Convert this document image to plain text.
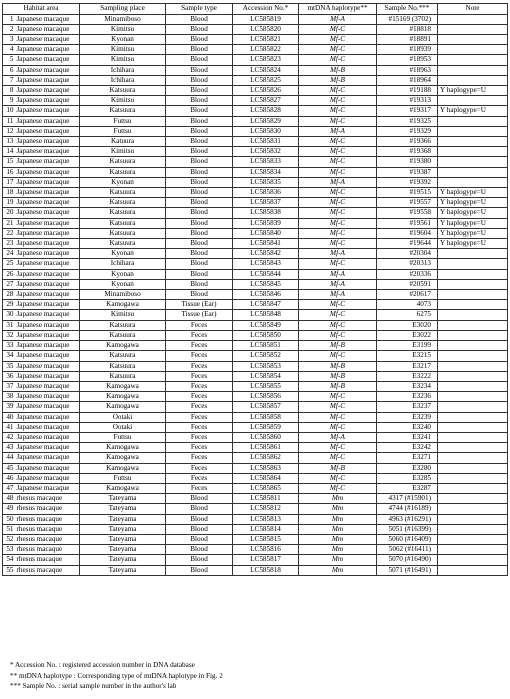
Habitat area		Sampling place	Sample type	Accession No.*	mtDNA haplotype**	Sample No.***	Note
1	Japanese macaque	Minamiboso	Blood	LC585819	Mf-A	#15169 (3702)	
2	Japanese macaque	Kimitsu	Blood	LC585820	Mf-C	#18818	
3	Japanese macaque	Kyonan	Blood	LC585821	Mf-C	#18891	
4	Japanese macaque	Kimitsu	Blood	LC585822	Mf-C	#18939	
5	Japanese macaque	Kimitsu	Blood	LC585823	Mf-C	#18953	
6	Japanese macaque	Ichihara	Blood	LC585824	Mf-B	#18963	
7	Japanese macaque	Ichihara	Blood	LC585825	Mf-B	#18964	
8	Japanese macaque	Katsuura	Blood	LC585826	Mf-C	#19188	Y haplogype=U
9	Japanese macaque	Kimitsu	Blood	LC585827	Mf-C	#19313	
10	Japanese macaque	Katsuura	Blood	LC585828	Mf-C	#19317	Y haplogype=U
11	Japanese macaque	Futtsu	Blood	LC585829	Mf-C	#19325	
12	Japanese macaque	Futtsu	Blood	LC585830	Mf-A	#19329	
13	Japanese macaque	Katuura	Blood	LC585831	Mf-C	#19366	
14	Japanese macaque	Kimitsu	Blood	LC585832	Mf-C	#19368	
15	Japanese macaque	Katsuura	Blood	LC585833	Mf-C	#19380	
16	Japanese macaque	Katsuura	Blood	LC585834	Mf-C	#19387	
17	Japanese macaque	Kyonan	Blood	LC585835	Mf-A	#19392	
18	Japanese macaque	Katsuura	Blood	LC585836	Mf-C	#19515	Y haplogype=U
19	Japanese macaque	Katsuura	Blood	LC585837	Mf-C	#19557	Y haplogype=U
20	Japanese macaque	Katsuura	Blood	LC585838	Mf-C	#19558	Y haplogype=U
21	Japanese macaque	Katsuura	Blood	LC585839	Mf-C	#19561	Y haplogype=U
22	Japanese macaque	Katsuura	Blood	LC585840	Mf-C	#19604	Y haplogype=U
23	Japanese macaque	Katsuura	Blood	LC585841	Mf-C	#19644	Y haplogype=U
24	Japanese macaque	Kyonan	Blood	LC585842	Mf-A	#20304	
25	Japanese macaque	Ichihara	Blood	LC585843	Mf-C	#20313	
26	Japanese macaque	Kyonan	Blood	LC585844	Mf-A	#20336	
27	Japanese macaque	Kyonan	Blood	LC585845	Mf-A	#20591	
28	Japanese macaque	Minamiboso	Blood	LC585846	Mf-A	#20617	
29	Japanese macaque	Kamogawa	Tissue (Ear)	LC585847	Mf-C	4073	
30	Japanese macaque	Kimitsu	Tissue (Ear)	LC585848	Mf-C	6275	
31	Japanese macaque	Katsuura	Feces	LC585849	Mf-C	E3020	
32	Japanese macaque	Katsuura	Feces	LC585850	Mf-C	E3022	
33	Japanese macaque	Kamogawa	Feces	LC585851	Mf-B	E3199	
34	Japanese macaque	Katsuura	Feces	LC585852	Mf-C	E3215	
35	Japanese macaque	Katsuura	Feces	LC585853	Mf-B	E3217	
36	Japanese macaque	Katsuura	Feces	LC585854	Mf-B	E3222	
37	Japanese macaque	Kamogawa	Feces	LC585855	Mf-B	E3234	
38	Japanese macaque	Kamogawa	Feces	LC585856	Mf-C	E3236	
39	Japanese macaque	Kamogawa	Feces	LC585857	Mf-C	E3237	
40	Japanese macaque	Ootaki	Feces	LC585858	Mf-C	E3239	
41	Japanese macaque	Ootaki	Feces	LC585859	Mf-C	E3240	
42	Japanese macaque	Futtsu	Feces	LC585860	Mf-A	E3241	
43	Japanese macaque	Kamogawa	Feces	LC585861	Mf-C	E3242	
44	Japanese macaque	Kamogawa	Feces	LC585862	Mf-C	E3271	
45	Japanese macaque	Kamogawa	Feces	LC585863	Mf-B	E3280	
46	Japanese macaque	Futtsu	Feces	LC585864	Mf-C	E3285	
47	Japanese macaque	Kamogawa	Feces	LC585865	Mf-C	E3287	
48	rhesus macaque	Tateyama	Blood	LC585811	Mm	4317 (#15901)	
49	rhesus macaque	Tateyama	Blood	LC585812	Mm	4744 (#16189)	
50	rhesus macaque	Tateyama	Blood	LC585813	Mm	4963 (#16291)	
51	rhesus macaque	Tateyama	Blood	LC585814	Mm	5051 (#16399)	
52	rhesus macaque	Tateyama	Blood	LC585815	Mm	5060 (#16409)	
53	rhesus macaque	Tateyama	Blood	LC585816	Mm	5062 (#16411)	
54	rhesus macaque	Tateyama	Blood	LC585817	Mm	5070 (#16490)	
55	rhesus macaque	Tateyama	Blood	LC585818	Mm	5071 (#16491)	
* Accession No. : registered accession number in DNA database
** mtDNA haplotype : Corresponding type of mtDNA haplotype in Fig. 2
*** Sample No. : serial sample number in the author's lab
